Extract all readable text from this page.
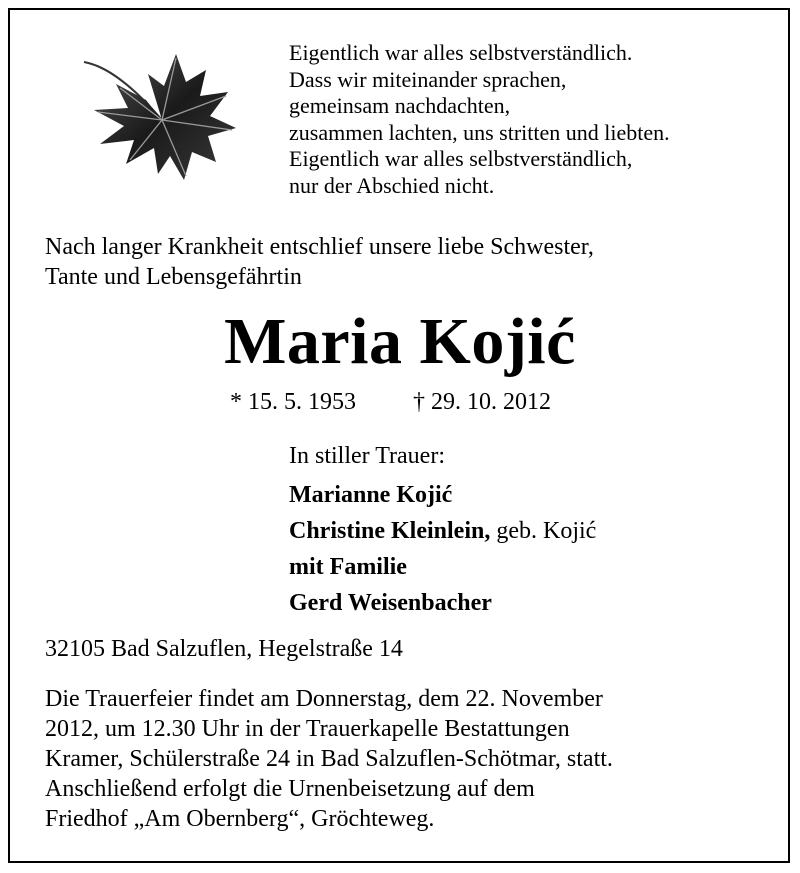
Eigentlich war alles selbstverständlich.
Dass wir miteinander sprachen,
gemeinsam nachdachten,
zusammen lachten, uns stritten und liebten.
Eigentlich war alles selbstverständlich,
nur der Abschied nicht.
Nach langer Krankheit entschlief unsere liebe Schwester,
Tante und Lebensgefährtin
Maria Kojić
* 15. 5. 1953 † 29. 10. 2012
In stiller Trauer:
Marianne Kojić
Christine Kleinlein, geb. Kojić
mit Familie
Gerd Weisenbacher
32105 Bad Salzuflen, Hegelstraße 14
Die Trauerfeier findet am Donnerstag, dem 22. November
2012, um 12.30 Uhr in der Trauerkapelle Bestattungen
Kramer, Schülerstraße 24 in Bad Salzuflen-Schötmar, statt.
Anschließend erfolgt die Urnenbeisetzung auf dem
Friedhof „Am Obernberg“, Gröchteweg.
